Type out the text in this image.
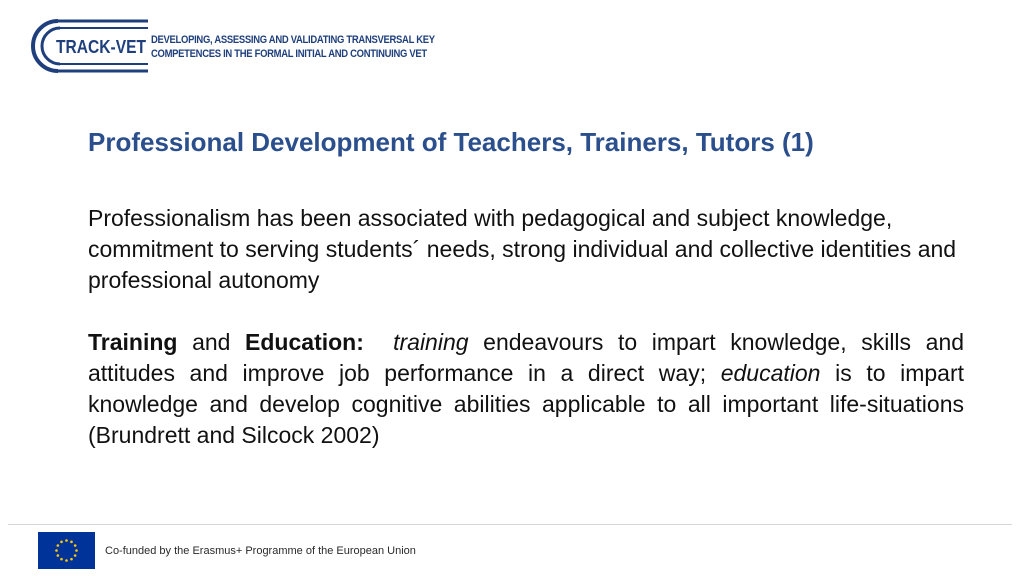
TRACK-VET DEVELOPING, ASSESSING AND VALIDATING TRANSVERSAL KEY
COMPETENCES IN THE FORMAL INITIAL AND CONTINUING VET
Professional Development of Teachers, Trainers, Tutors (1)

Professionalism has been associated with pedagogical and subject knowledge, commitment to serving students´ needs, strong individual and collective identities and professional autonomy

Training and Education: training endeavours to impart knowledge, skills and attitudes and improve job performance in a direct way; education is to impart knowledge and develop cognitive abilities applicable to all important life-situations (Brundrett and Silcock 2002)

Co-funded by the Erasmus+ Programme of the European Union
